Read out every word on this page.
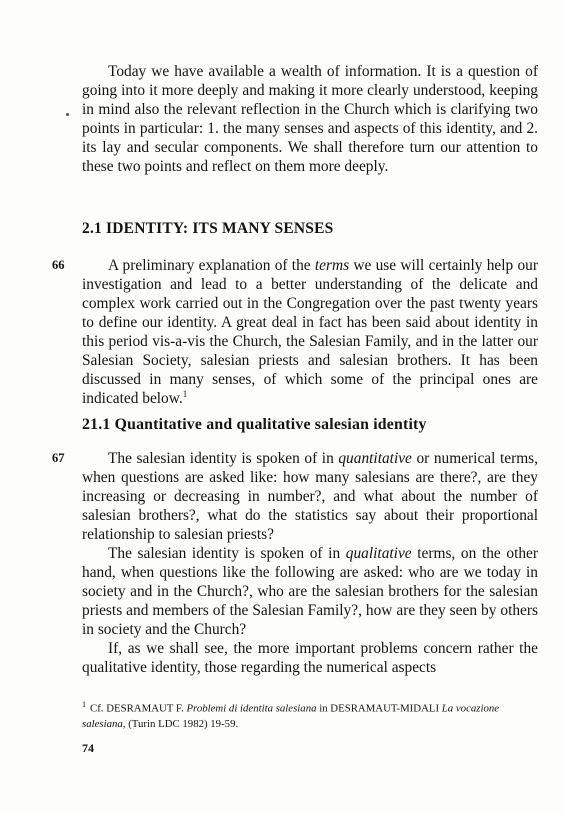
Today we have available a wealth of information. It is a question of going into it more deeply and making it more clearly understood, keeping in mind also the relevant reflection in the Church which is clarifying two points in particular: 1. the many senses and aspects of this identity, and 2. its lay and secular components. We shall therefore turn our attention to these two points and reflect on them more deeply.

2.1 IDENTITY: ITS MANY SENSES
66	A preliminary explanation of the terms we use will certainly help our investigation and lead to a better understanding of the delicate and complex work carried out in the Congregation over the past twenty years to define our identity. A great deal in fact has been said about identity in this period vis-a-vis the Church, the Salesian Family, and in the latter our Salesian Society, salesian priests and salesian brothers. It has been discussed in many senses, of which some of the principal ones are indicated below.$^1$

21.1 Quantitative and qualitative salesian identity
67	The salesian identity is spoken of in quantitative or numerical terms, when questions are asked like: how many salesians are there?, are they increasing or decreasing in number?, and what about the number of salesian brothers?, what do the statistics say about their proportional relationship to salesian priests?

The salesian identity is spoken of in qualitative terms, on the other hand, when questions like the following are asked: who are we today in society and in the Church?, who are the salesian brothers for the salesian priests and members of the Salesian Family?, how are they seen by others in society and the Church?

If, as we shall see, the more important problems concern rather the qualitative identity, those regarding the numerical aspects

$^1$ Cf. DESRAMAUT F. Problemi di identita salesiana in DESRAMAUT-MIDALI La vocazione salesiana, (Turin LDC 1982) 19-59.
74
